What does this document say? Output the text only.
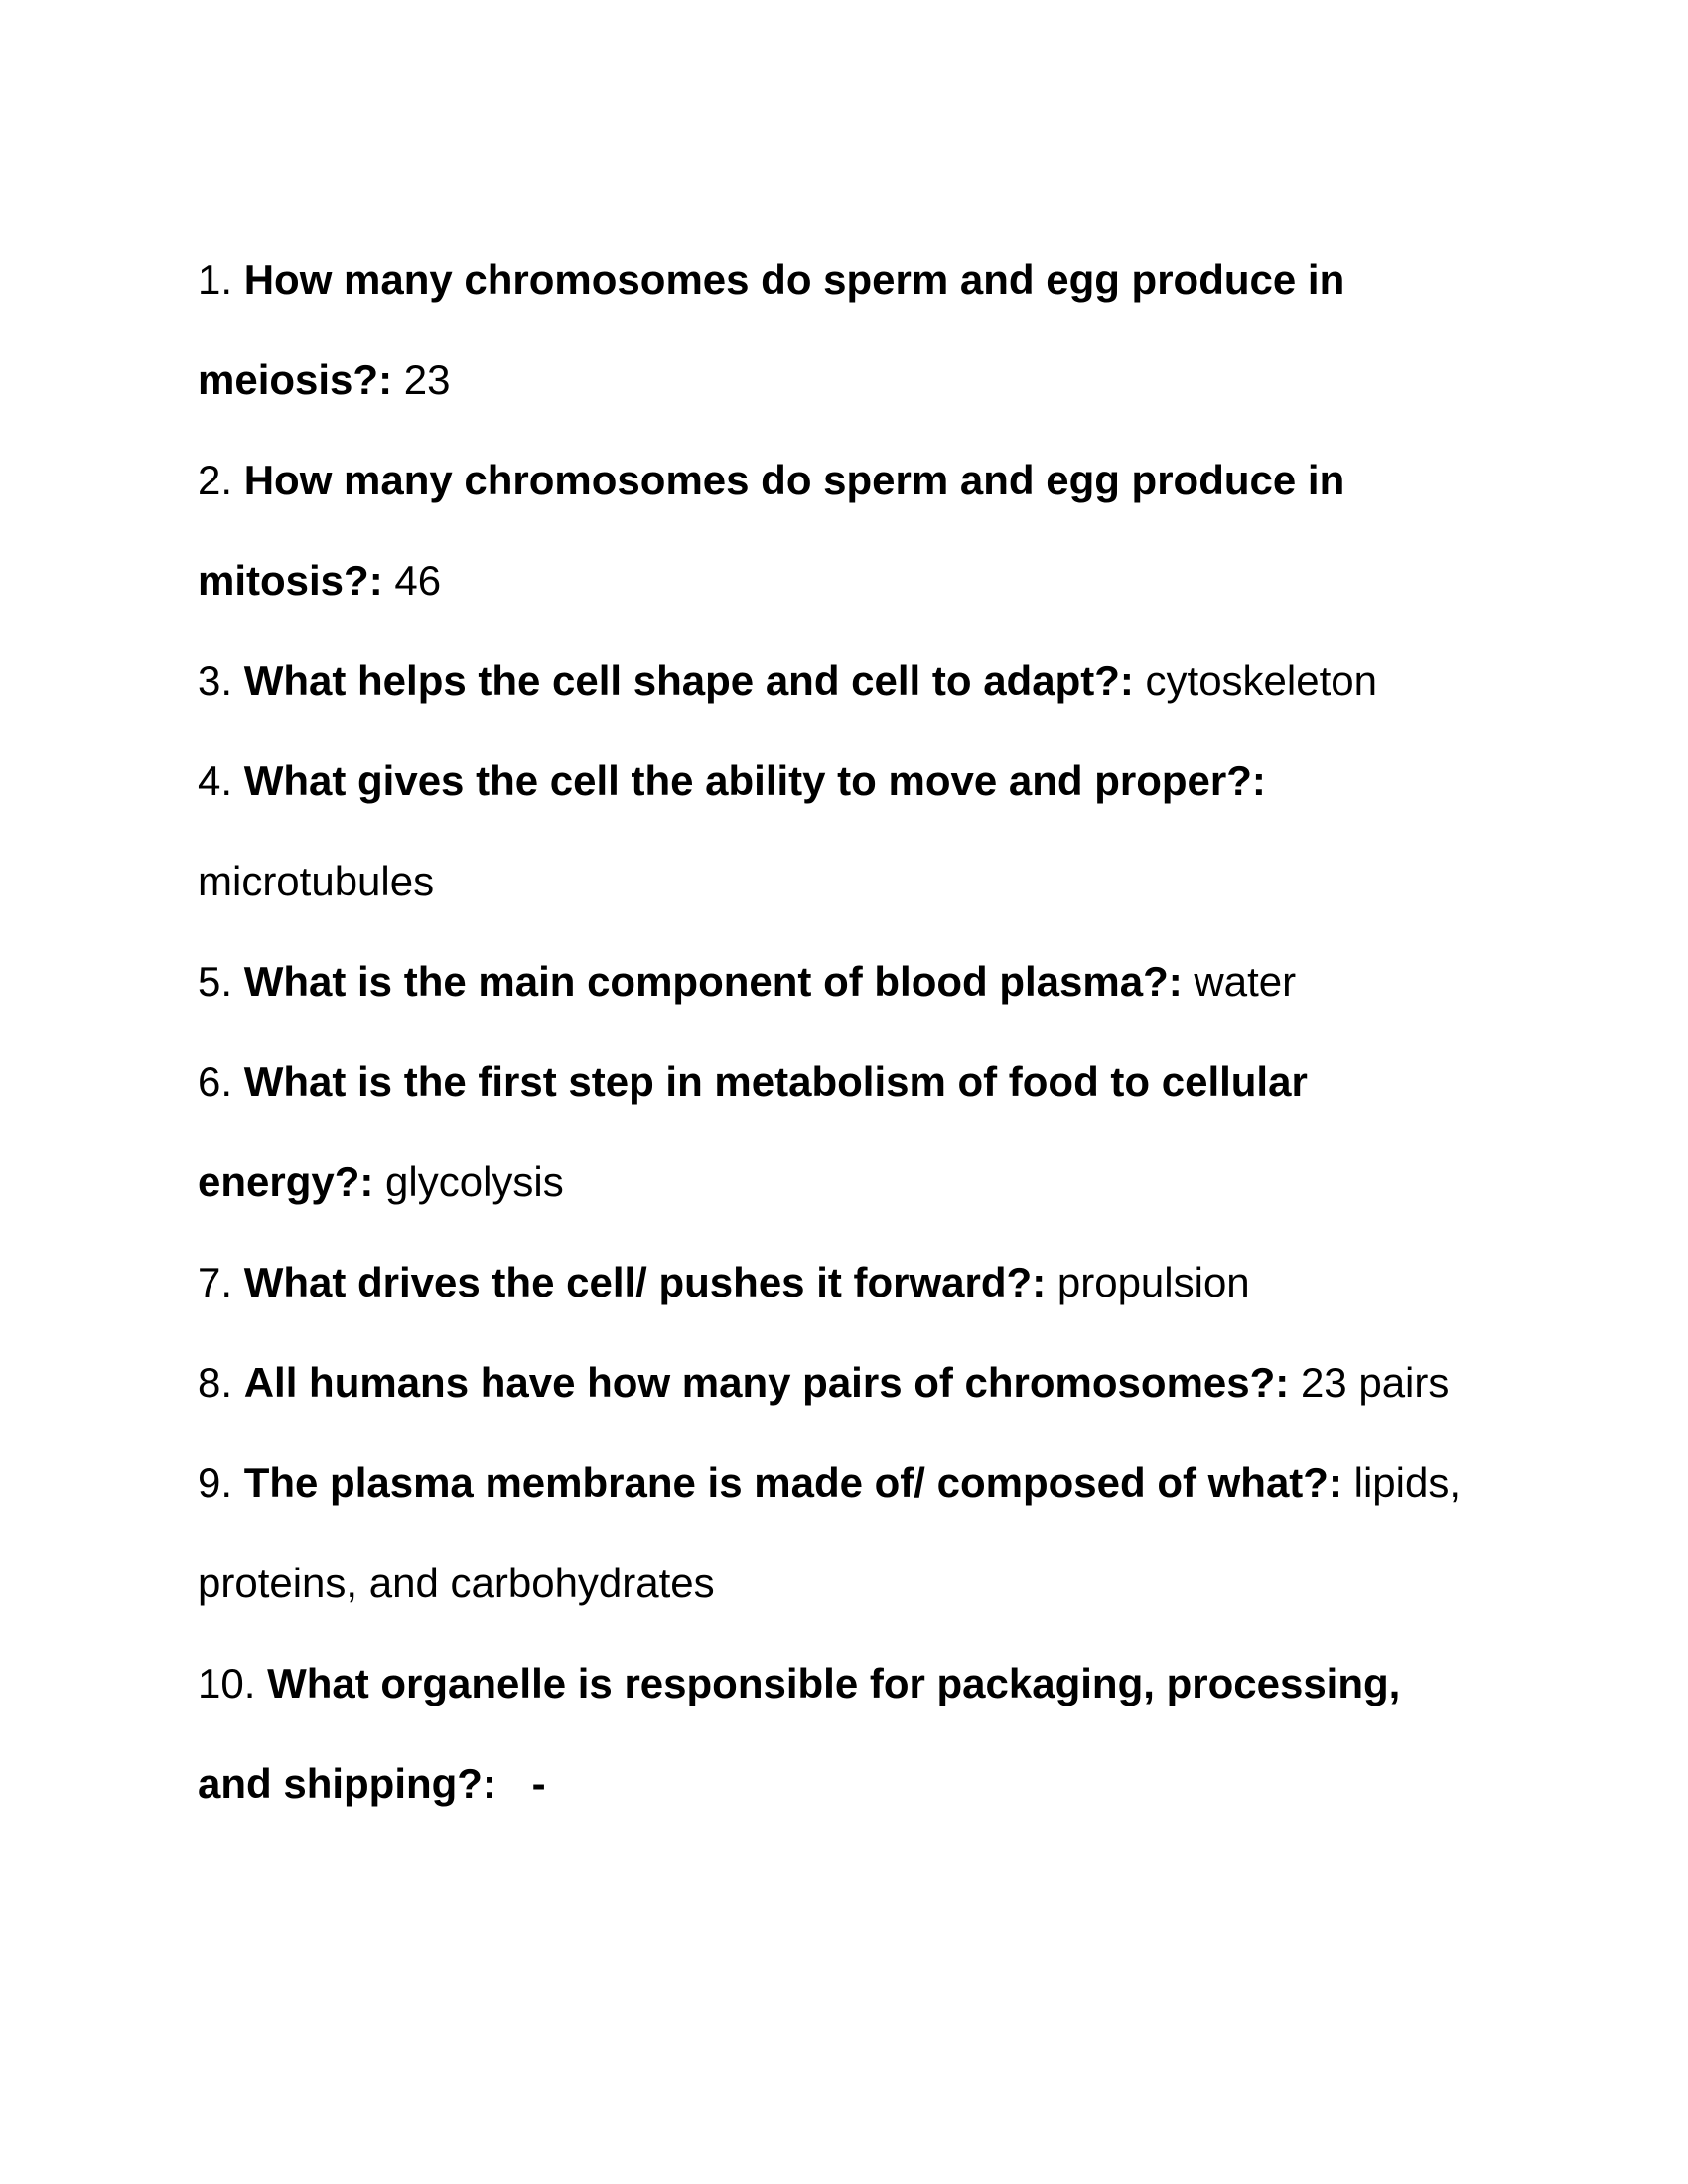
1. How many chromosomes do sperm and egg produce in meiosis?: 23

2. How many chromosomes do sperm and egg produce in mitosis?: 46

3. What helps the cell shape and cell to adapt?: cytoskeleton

4. What gives the cell the ability to move and proper?: microtubules

5. What is the main component of blood plasma?: water

6. What is the first step in metabolism of food to cellular energy?: glycolysis

7. What drives the cell/ pushes it forward?: propulsion

8. All humans have how many pairs of chromosomes?: 23 pairs

9. The plasma membrane is made of/ composed of what?: lipids, proteins, and carbohydrates

10. What organelle is responsible for packaging, processing, and shipping?: -
